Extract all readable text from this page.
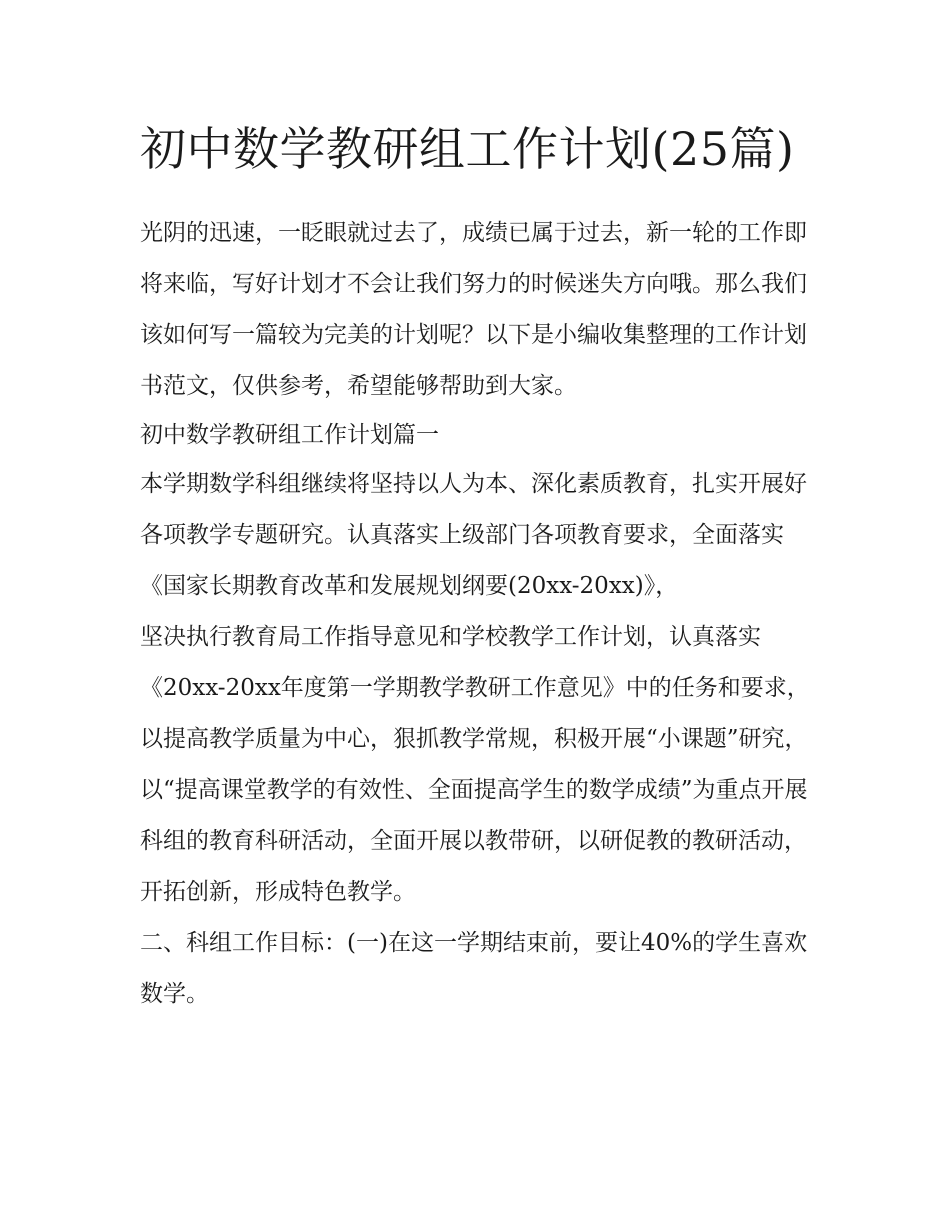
初中数学教研组工作计划(25篇)

光阴的迅速，一眨眼就过去了，成绩已属于过去，新一轮的工作即将来临，写好计划才不会让我们努力的时候迷失方向哦。那么我们该如何写一篇较为完美的计划呢？以下是小编收集整理的工作计划书范文，仅供参考，希望能够帮助到大家。

初中数学教研组工作计划篇一

本学期数学科组继续将坚持以人为本、深化素质教育，扎实开展好各项教学专题研究。认真落实上级部门各项教育要求，全面落实《国家长期教育改革和发展规划纲要(20xx-20xx)》，

坚决执行教育局工作指导意见和学校教学工作计划，认真落实《20xx-20xx年度第一学期教学教研工作意见》中的任务和要求，以提高教学质量为中心，狠抓教学常规，积极开展“小课题”研究，以“提高课堂教学的有效性、全面提高学生的数学成绩”为重点开展科组的教育科研活动，全面开展以教带研，以研促教的教研活动，开拓创新，形成特色教学。

二、科组工作目标：(一)在这一学期结束前，要让40%的学生喜欢数学。
